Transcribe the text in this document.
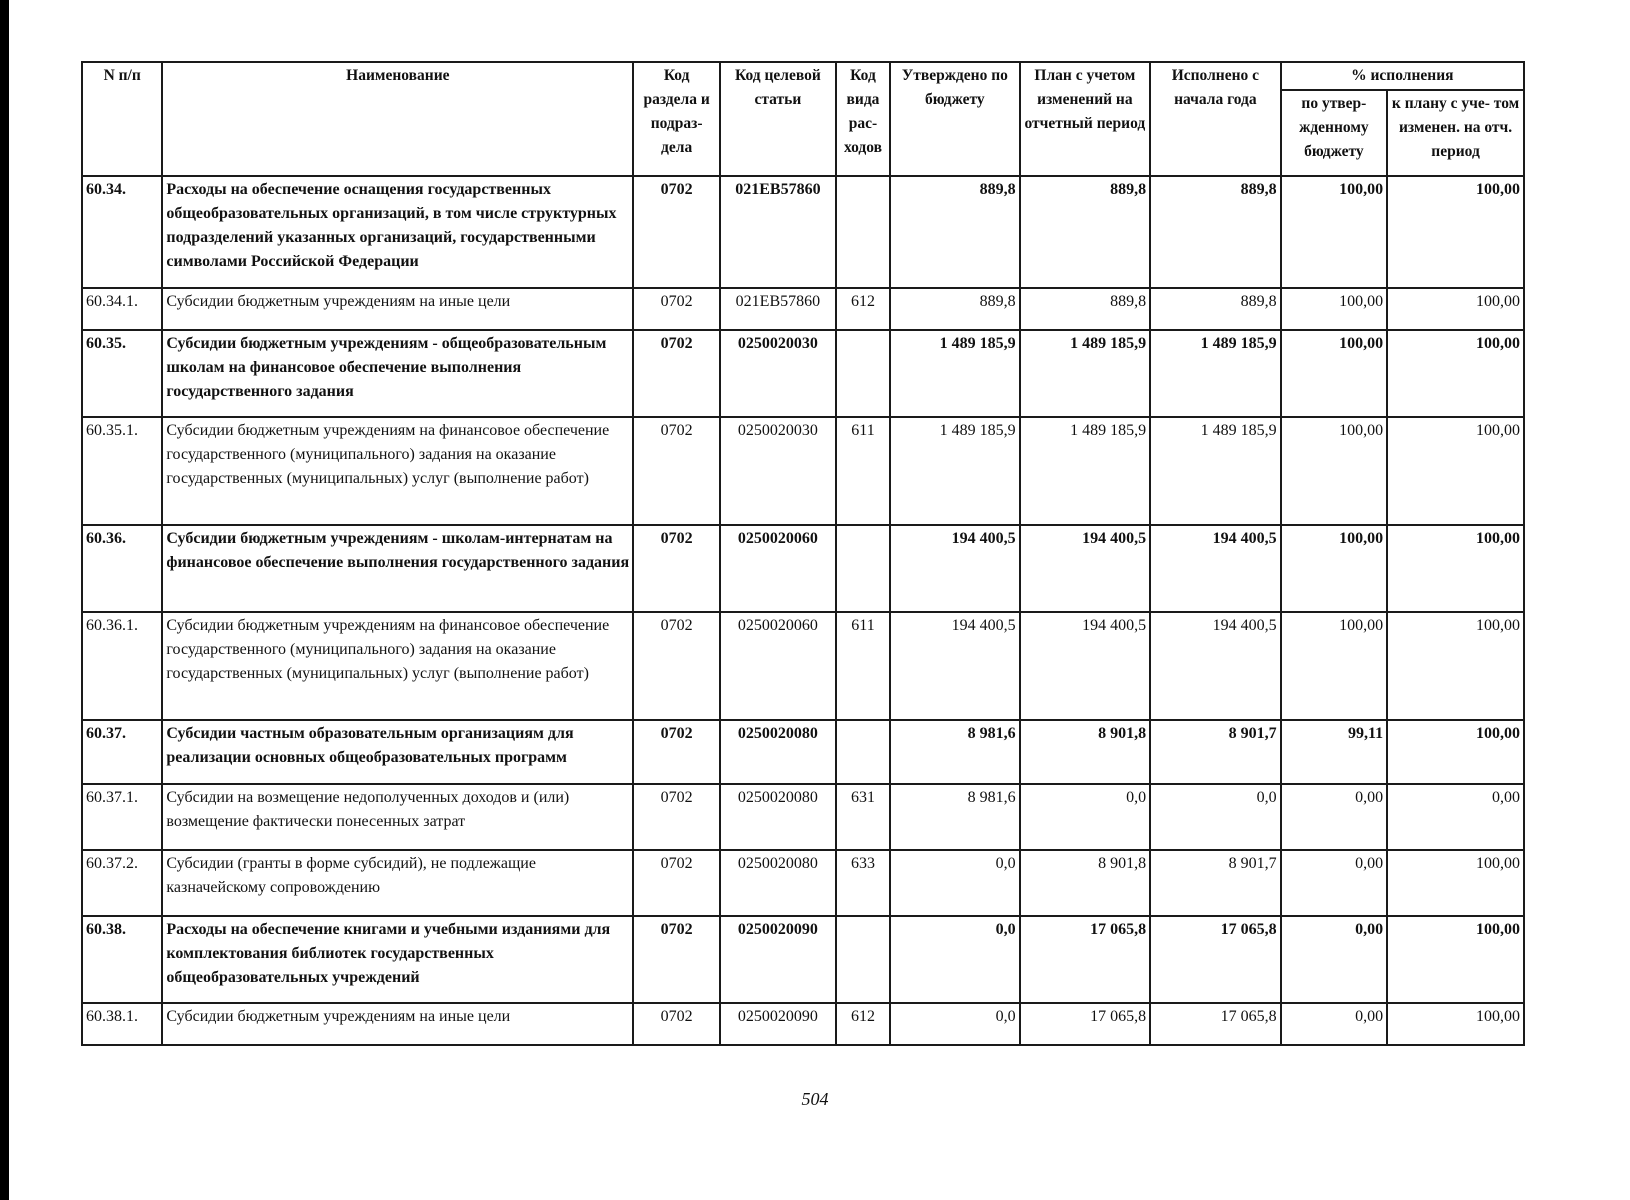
N п/п	Наименование	Код раздела и подраз- дела	Код целевой статьи	Код вида рас- ходов	Утверждено по бюджету	План с учетом изменений на отчетный период	Исполнено с начала года	% исполнения	
								по утвер- жденному бюджету	к плану с уче- том изменен. на отч. период
60.34.	Расходы на обеспечение оснащения государственных общеобразовательных организаций, в том числе структурных подразделений указанных организаций, государственными символами Российской Федерации	0702	021EB57860		889,8	889,8	889,8	100,00	100,00
60.34.1.	Субсидии бюджетным учреждениям на иные цели	0702	021EB57860	612	889,8	889,8	889,8	100,00	100,00
60.35.	Субсидии бюджетным учреждениям - общеобразовательным школам на финансовое обеспечение выполнения государственного задания	0702	0250020030		1 489 185,9	1 489 185,9	1 489 185,9	100,00	100,00
60.35.1.	Субсидии бюджетным учреждениям на финансовое обеспечение государственного (муниципального) задания на оказание государственных (муниципальных) услуг (выполнение работ)	0702	0250020030	611	1 489 185,9	1 489 185,9	1 489 185,9	100,00	100,00
60.36.	Субсидии бюджетным учреждениям - школам-интернатам на финансовое обеспечение выполнения государственного задания	0702	0250020060		194 400,5	194 400,5	194 400,5	100,00	100,00
60.36.1.	Субсидии бюджетным учреждениям на финансовое обеспечение государственного (муниципального) задания на оказание государственных (муниципальных) услуг (выполнение работ)	0702	0250020060	611	194 400,5	194 400,5	194 400,5	100,00	100,00
60.37.	Субсидии частным образовательным организациям для реализации основных общеобразовательных программ	0702	0250020080		8 981,6	8 901,8	8 901,7	99,11	100,00
60.37.1.	Субсидии на возмещение недополученных доходов и (или) возмещение фактически понесенных затрат	0702	0250020080	631	8 981,6	0,0	0,0	0,00	0,00
60.37.2.	Субсидии (гранты в форме субсидий), не подлежащие казначейскому сопровождению	0702	0250020080	633	0,0	8 901,8	8 901,7	0,00	100,00
60.38.	Расходы на обеспечение книгами и учебными изданиями для комплектования библиотек государственных общеобразовательных учреждений	0702	0250020090		0,0	17 065,8	17 065,8	0,00	100,00
60.38.1.	Субсидии бюджетным учреждениям на иные цели	0702	0250020090	612	0,0	17 065,8	17 065,8	0,00	100,00
504
